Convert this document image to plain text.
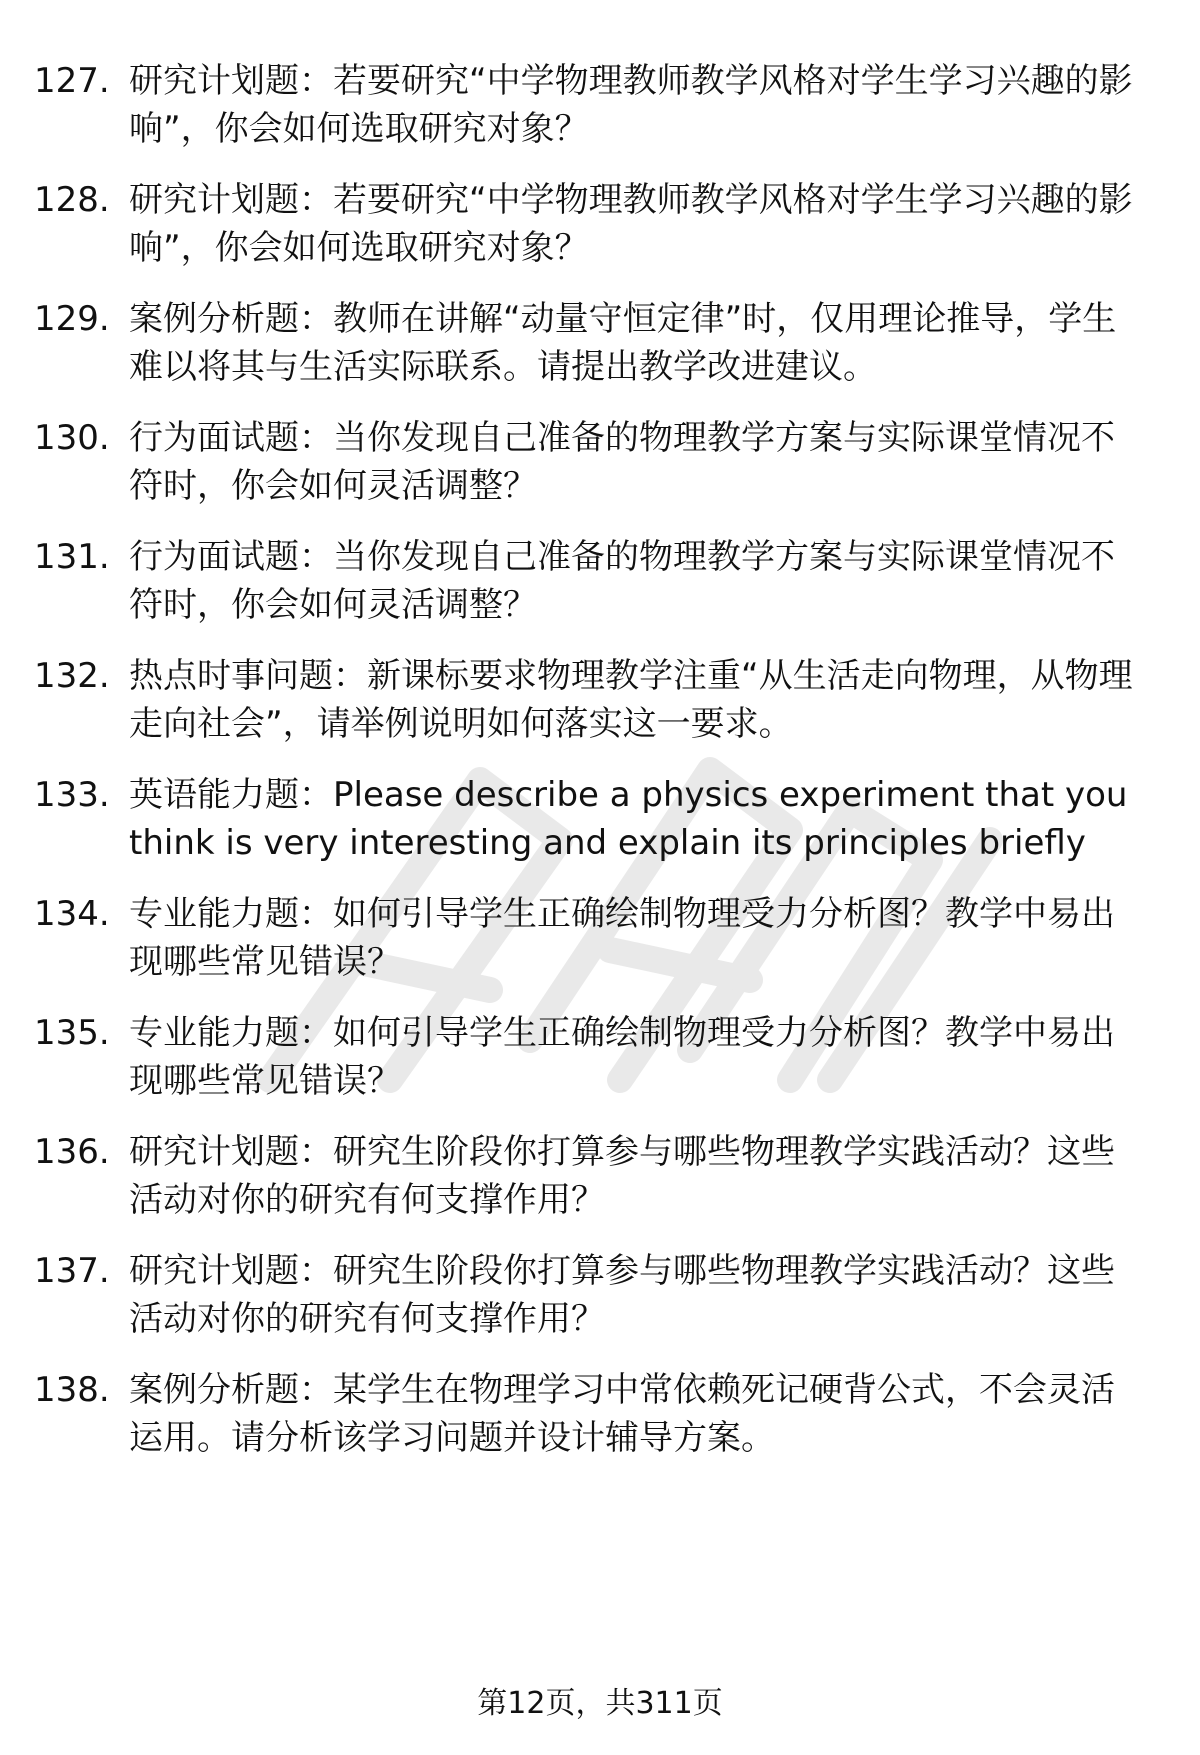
127. 研究计划题：若要研究“中学物理教师教学风格对学生学习兴趣的影响”，你会如何选取研究对象？
128. 研究计划题：若要研究“中学物理教师教学风格对学生学习兴趣的影响”，你会如何选取研究对象？
129. 案例分析题：教师在讲解“动量守恒定律”时，仅用理论推导，学生难以将其与生活实际联系。请提出教学改进建议。
130. 行为面试题：当你发现自己准备的物理教学方案与实际课堂情况不符时，你会如何灵活调整？
131. 行为面试题：当你发现自己准备的物理教学方案与实际课堂情况不符时，你会如何灵活调整？
132. 热点时事问题：新课标要求物理教学注重“从生活走向物理，从物理走向社会”，请举例说明如何落实这一要求。
133. 英语能力题：Please describe a physics experiment that you think is very interesting and explain its principles briefly
134. 专业能力题：如何引导学生正确绘制物理受力分析图？教学中易出现哪些常见错误？
135. 专业能力题：如何引导学生正确绘制物理受力分析图？教学中易出现哪些常见错误？
136. 研究计划题：研究生阶段你打算参与哪些物理教学实践活动？这些活动对你的研究有何支撑作用？
137. 研究计划题：研究生阶段你打算参与哪些物理教学实践活动？这些活动对你的研究有何支撑作用？
138. 案例分析题：某学生在物理学习中常依赖死记硬背公式，不会灵活运用。请分析该学习问题并设计辅导方案。
第12页，共311页
